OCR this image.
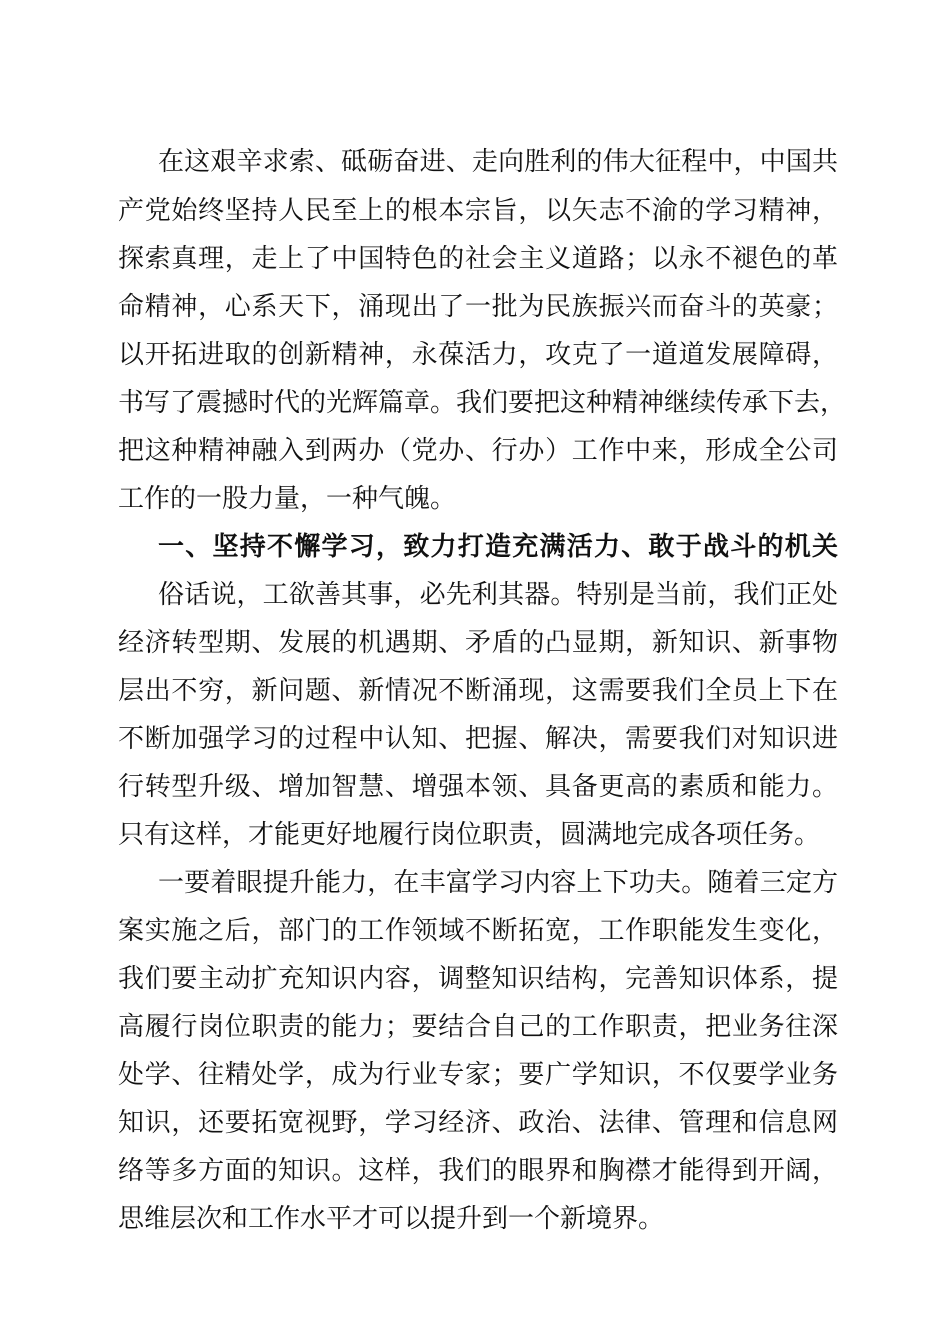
在这艰辛求索、砥砺奋进、走向胜利的伟大征程中，中国共

产党始终坚持人民至上的根本宗旨，以矢志不渝的学习精神，

探索真理，走上了中国特色的社会主义道路；以永不褪色的革

命精神，心系天下，涌现出了一批为民族振兴而奋斗的英豪；

以开拓进取的创新精神，永葆活力，攻克了一道道发展障碍，

书写了震撼时代的光辉篇章。我们要把这种精神继续传承下去，

把这种精神融入到两办（党办、行办）工作中来，形成全公司

工作的一股力量，一种气魄。

一、坚持不懈学习，致力打造充满活力、敢于战斗的机关

俗话说，工欲善其事，必先利其器。特别是当前，我们正处

经济转型期、发展的机遇期、矛盾的凸显期，新知识、新事物

层出不穷，新问题、新情况不断涌现，这需要我们全员上下在

不断加强学习的过程中认知、把握、解决，需要我们对知识进

行转型升级、增加智慧、增强本领、具备更高的素质和能力。

只有这样，才能更好地履行岗位职责，圆满地完成各项任务。

一要着眼提升能力，在丰富学习内容上下功夫。随着三定方

案实施之后，部门的工作领域不断拓宽，工作职能发生变化，

我们要主动扩充知识内容，调整知识结构，完善知识体系，提

高履行岗位职责的能力；要结合自己的工作职责，把业务往深

处学、往精处学，成为行业专家；要广学知识，不仅要学业务

知识，还要拓宽视野，学习经济、政治、法律、管理和信息网

络等多方面的知识。这样，我们的眼界和胸襟才能得到开阔，

思维层次和工作水平才可以提升到一个新境界。
